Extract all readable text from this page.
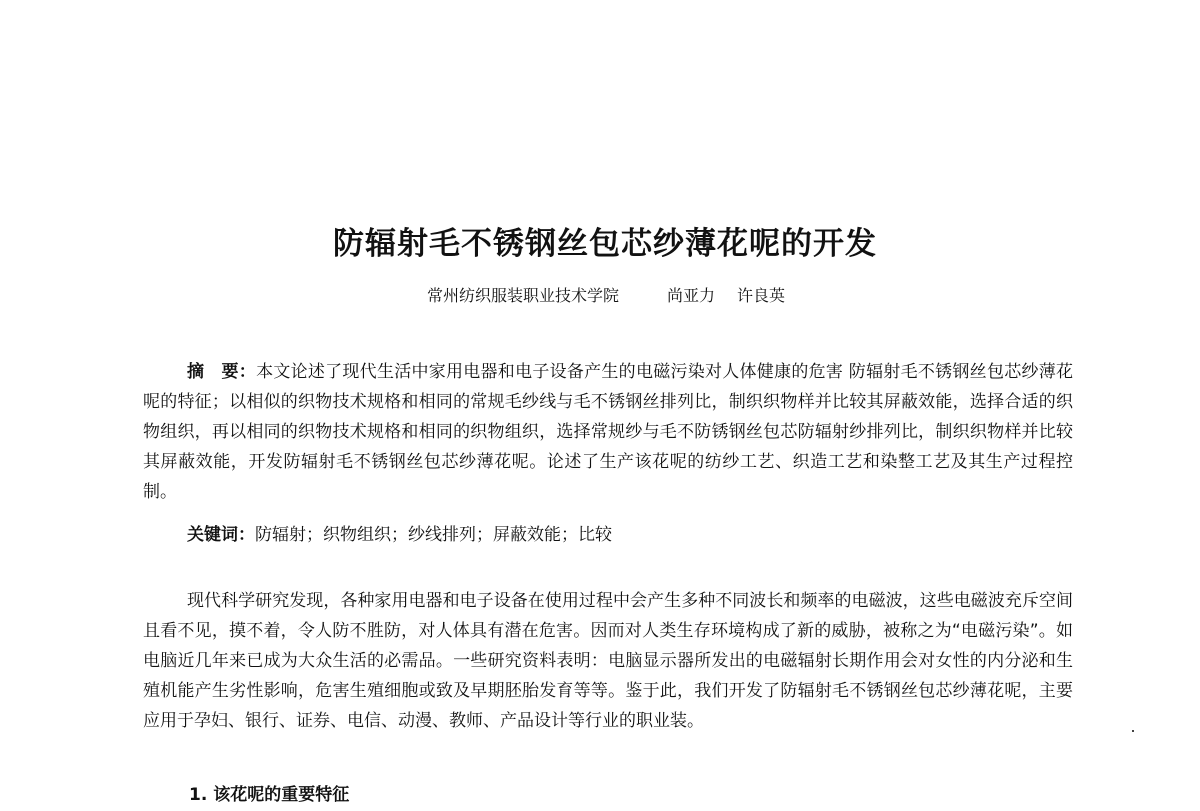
防辐射毛不锈钢丝包芯纱薄花呢的开发
常州纺织服装职业技术学院	尚亚力 许良英

摘　要：本文论述了现代生活中家用电器和电子设备产生的电磁污染对人体健康的危害 防辐射毛不锈钢丝包芯纱薄花呢的特征；以相似的织物技术规格和相同的常规毛纱线与毛不锈钢丝排列比，制织织物样并比较其屏蔽效能，选择合适的织物组织，再以相同的织物技术规格和相同的织物组织，选择常规纱与毛不防锈钢丝包芯防辐射纱排列比，制织织物样并比较其屏蔽效能，开发防辐射毛不锈钢丝包芯纱薄花呢。论述了生产该花呢的纺纱工艺、织造工艺和染整工艺及其生产过程控制。

关键词：防辐射；织物组织；纱线排列；屏蔽效能；比较

现代科学研究发现，各种家用电器和电子设备在使用过程中会产生多种不同波长和频率的电磁波，这些电磁波充斥空间且看不见，摸不着，令人防不胜防，对人体具有潜在危害。因而对人类生存环境构成了新的威胁，被称之为“电磁污染”。如电脑近几年来已成为大众生活的必需品。一些研究资料表明：电脑显示器所发出的电磁辐射长期作用会对女性的内分泌和生殖机能产生劣性影响，危害生殖细胞或致及早期胚胎发育等等。鉴于此，我们开发了防辐射毛不锈钢丝包芯纱薄花呢，主要应用于孕妇、银行、证券、电信、动漫、教师、产品设计等行业的职业装。

1. 该花呢的重要特征
